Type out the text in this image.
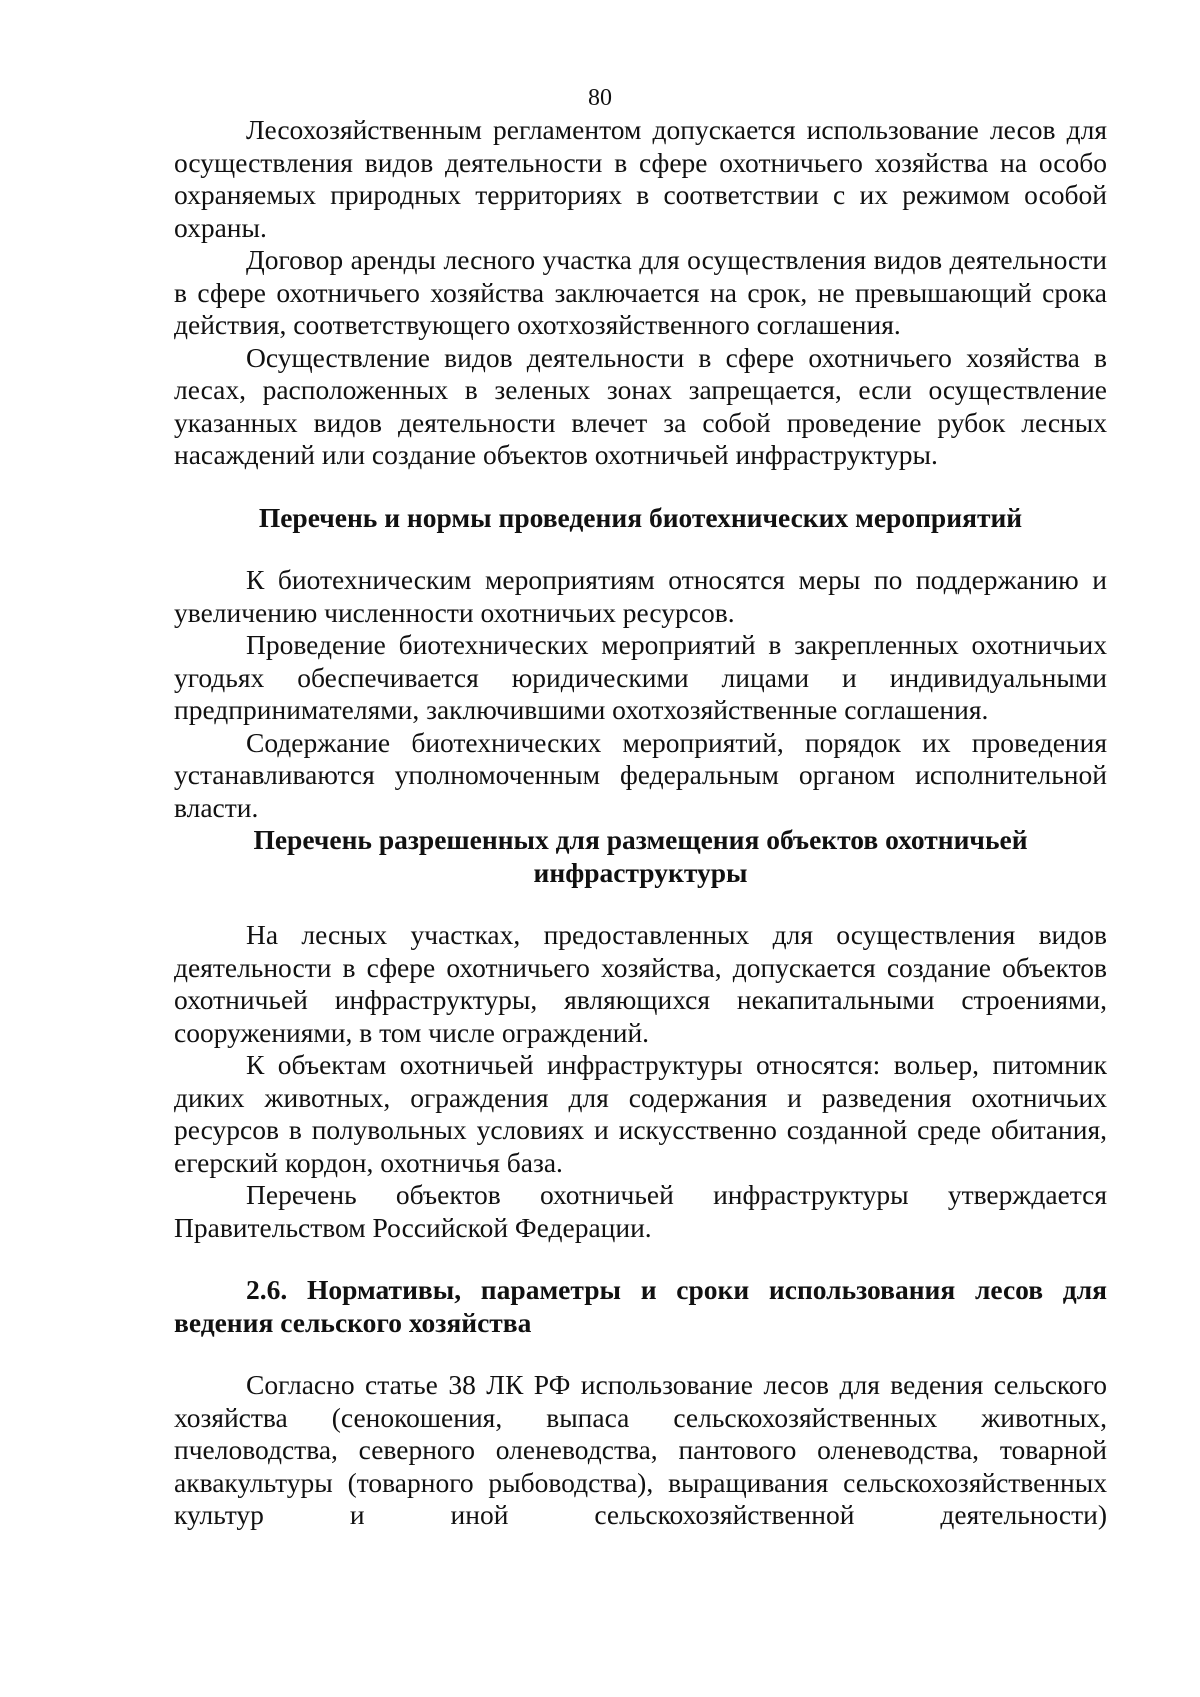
80

Лесохозяйственным регламентом допускается использование лесов для осуществления видов деятельности в сфере охотничьего хозяйства на особо охраняемых природных территориях в соответствии с их режимом особой охраны.

Договор аренды лесного участка для осуществления видов деятельности в сфере охотничьего хозяйства заключается на срок, не превышающий срока действия, соответствующего охотхозяйственного соглашения.

Осуществление видов деятельности в сфере охотничьего хозяйства в лесах, расположенных в зеленых зонах запрещается, если осуществление указанных видов деятельности влечет за собой проведение рубок лесных насаждений или создание объектов охотничьей инфраструктуры.

Перечень и нормы проведения биотехнических мероприятий

К биотехническим мероприятиям относятся меры по поддержанию и увеличению численности охотничьих ресурсов.

Проведение биотехнических мероприятий в закрепленных охотничьих угодьях обеспечивается юридическими лицами и индивидуальными предпринимателями, заключившими охотхозяйственные соглашения.

Содержание биотехнических мероприятий, порядок их проведения устанавливаются уполномоченным федеральным органом исполнительной власти.

Перечень разрешенных для размещения объектов охотничьей
инфраструктуры

На лесных участках, предоставленных для осуществления видов деятельности в сфере охотничьего хозяйства, допускается создание объектов охотничьей инфраструктуры, являющихся некапитальными строениями, сооружениями, в том числе ограждений.

К объектам охотничьей инфраструктуры относятся: вольер, питомник диких животных, ограждения для содержания и разведения охотничьих ресурсов в полувольных условиях и искусственно созданной среде обитания, егерский кордон, охотничья база.

Перечень объектов охотничьей инфраструктуры утверждается Правительством Российской Федерации.

2.6. Нормативы, параметры и сроки использования лесов для ведения сельского хозяйства

Согласно статье 38 ЛК РФ использование лесов для ведения сельского хозяйства (сенокошения, выпаса сельскохозяйственных животных, пчеловодства, северного оленеводства, пантового оленеводства, товарной аквакультуры (товарного рыбоводства), выращивания сельскохозяйственных культур и иной сельскохозяйственной деятельности)
